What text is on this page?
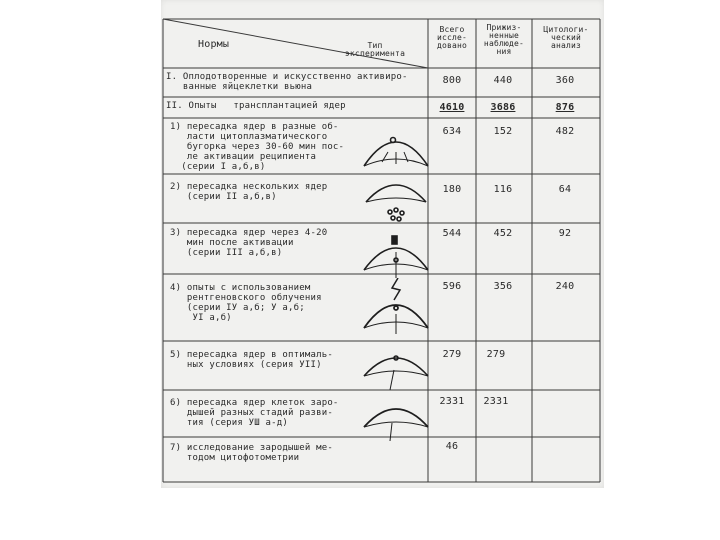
Нормы	Тип
эксперимента
Всего
иссле-
довано
Прижиз-
ненные
наблюде-
ния
Цитологи-
ческий
анализ
I. Оплодотворенные и искусственно активиро-
ванные яйцеклетки вьюна
800	440	360
II. Опыты   трансплантацией ядер	4610	3686	876
1) пересадка ядер в разные об-
ласти цитоплазматического
бугорка через 30-60 мин пос-
ле активации реципиента
(серии I а,б,в)
634	152	482
2) пересадка нескольких ядер
(серии II а,б,в)
180	116	64
3) пересадка ядер через 4-20
мин после активации
(серии III а,б,в)
544	452	92
4) опыты с использованием
рентгеновского облучения
(серии IУ а,б; У а,б;
УI а,б)
596	356	240
5) пересадка ядер в оптималь-
ных условиях (серия УII)
279	279
6) пересадка ядер клеток заро-
дышей разных стадий разви-
тия (серия УШ а-д)
2331	2331
7) исследование зародышей ме-
тодом цитофотометрии
46
